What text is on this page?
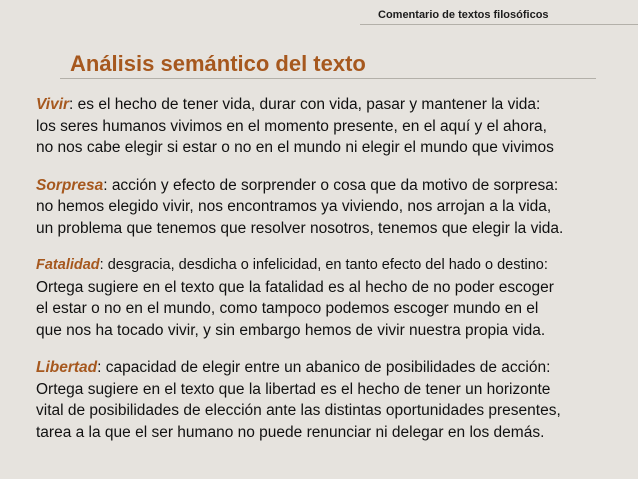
Comentario de textos filosóficos
Análisis semántico del texto
Vivir: es el hecho de tener vida, durar con vida, pasar y mantener la vida:
los seres humanos vivimos en el momento presente, en el aquí y el ahora,
no nos cabe elegir si estar o no en el mundo ni elegir el mundo que vivimos
Sorpresa: acción y efecto de sorprender o cosa que da motivo de sorpresa:
no hemos elegido vivir, nos encontramos ya viviendo, nos arrojan a la vida,
un problema que tenemos que resolver nosotros, tenemos que elegir la vida.
Fatalidad: desgracia, desdicha o infelicidad, en tanto efecto del hado o destino:
Ortega sugiere en el texto que la fatalidad es al hecho de no poder escoger
el estar o no en el mundo, como tampoco podemos escoger mundo en el
que nos ha tocado vivir, y sin embargo hemos de vivir nuestra propia vida.
Libertad: capacidad de elegir entre un abanico de posibilidades de acción:
Ortega sugiere en el texto que la libertad es el hecho de tener un horizonte
vital de posibilidades de elección ante las distintas oportunidades presentes,
tarea a la que el ser humano no puede renunciar ni delegar en los demás.
